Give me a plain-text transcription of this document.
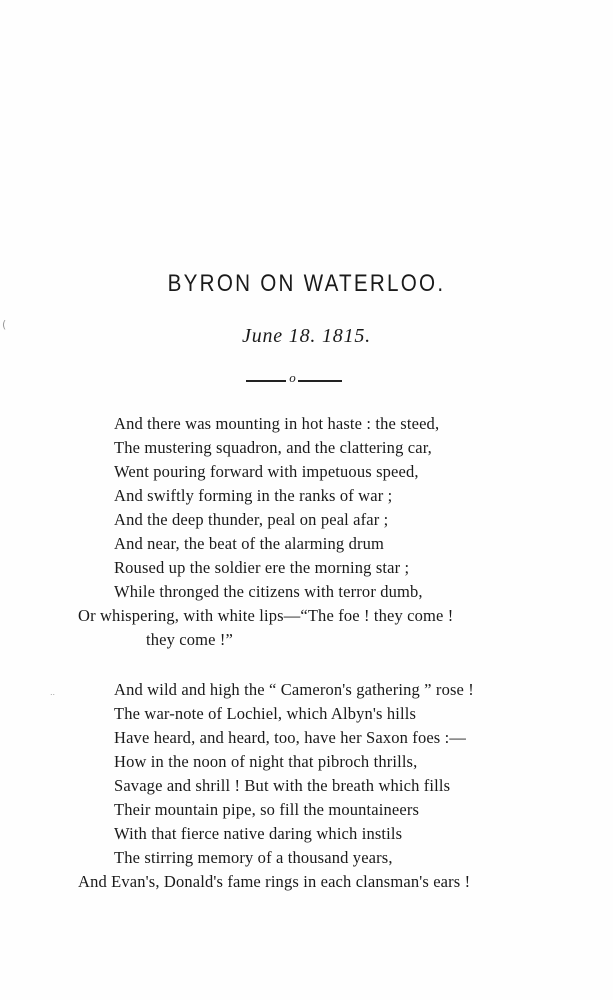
(
..
BYRON ON WATERLOO.
June 18. 1815.
o
And there was mounting in hot haste : the steed,
The mustering squadron, and the clattering car,
Went pouring forward with impetuous speed,
And swiftly forming in the ranks of war ;
And the deep thunder, peal on peal afar ;
And near, the beat of the alarming drum
Roused up the soldier ere the morning star ;
While thronged the citizens with terror dumb,
Or whispering, with white lips—“The foe ! they come !
they come !”
And wild and high the “ Cameron's gathering ” rose !
The war-note of Lochiel, which Albyn's hills
Have heard, and heard, too, have her Saxon foes :—
How in the noon of night that pibroch thrills,
Savage and shrill ! But with the breath which fills
Their mountain pipe, so fill the mountaineers
With that fierce native daring which instils
The stirring memory of a thousand years,
And Evan's, Donald's fame rings in each clansman's ears !
